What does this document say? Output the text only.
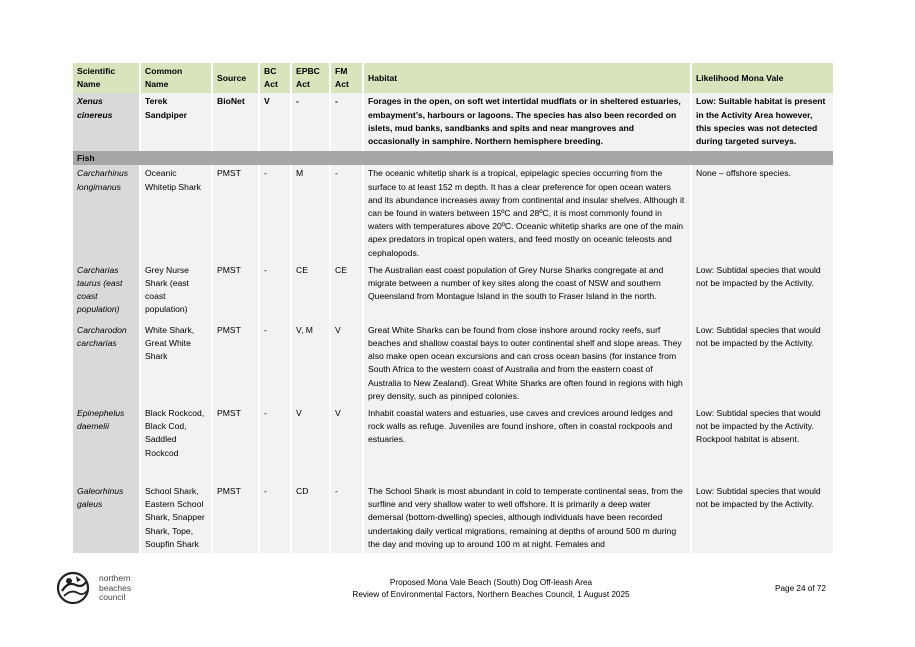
Scientific Name	Common Name	Source	BC Act	EPBC Act	FM Act	Habitat	Likelihood Mona Vale
Xenus cinereus	Terek Sandpiper	BioNet	V	-	-	Forages in the open, on soft wet intertidal mudflats or in sheltered estuaries, embayment’s, harbours or lagoons. The species has also been recorded on islets, mud banks, sandbanks and spits and near mangroves and occasionally in samphire. Northern hemisphere breeding.	Low: Suitable habitat is present in the Activity Area however, this species was not detected during targeted surveys.
Fish							
Carcharhinus longimanus	Oceanic Whitetip Shark	PMST	-	M	-	The oceanic whitetip shark is a tropical, epipelagic species occurring from the surface to at least 152 m depth. It has a clear preference for open ocean waters and its abundance increases away from continental and insular shelves. Although it can be found in waters between 15ºC and 28ºC, it is most commonly found in waters with temperatures above 20ºC. Oceanic whitetip sharks are one of the main apex predators in tropical open waters, and feed mostly on oceanic teleosts and cephalopods.	None – offshore species.
Carcharias taurus (east coast population)	Grey Nurse Shark (east coast population)	PMST	-	CE	CE	The Australian east coast population of Grey Nurse Sharks congregate at and migrate between a number of key sites along the coast of NSW and southern Queensland from Montague Island in the south to Fraser Island in the north.	Low: Subtidal species that would not be impacted by the Activity.
Carcharodon carcharias	White Shark, Great White Shark	PMST	-	V, M	V	Great White Sharks can be found from close inshore around rocky reefs, surf beaches and shallow coastal bays to outer continental shelf and slope areas. They also make open ocean excursions and can cross ocean basins (for instance from South Africa to the western coast of Australia and from the eastern coast of Australia to New Zealand). Great White Sharks are often found in regions with high prey density, such as pinniped colonies.	Low: Subtidal species that would not be impacted by the Activity.
Epinephelus daemelii	Black Rockcod, Black Cod, Saddled Rockcod	PMST	-	V	V	Inhabit coastal waters and estuaries, use caves and crevices around ledges and rock walls as refuge. Juveniles are found inshore, often in coastal rockpools and estuaries.	Low: Subtidal species that would not be impacted by the Activity. Rockpool habitat is absent.
Galeorhinus galeus	School Shark, Eastern School Shark, Snapper Shark, Tope, Soupfin Shark	PMST	-	CD	-	The School Shark is most abundant in cold to temperate continental seas, from the surfline and very shallow water to well offshore. It is primarily a deep water demersal (bottom-dwelling) species, although individuals have been recorded undertaking daily vertical migrations, remaining at depths of around 500 m during the day and moving up to around 100 m at night. Females and	Low: Subtidal species that would not be impacted by the Activity.
northern
beaches
council
Proposed Mona Vale Beach (South) Dog Off-leash Area
Review of Environmental Factors, Northern Beaches Council, 1 August 2025
Page 24 of 72
